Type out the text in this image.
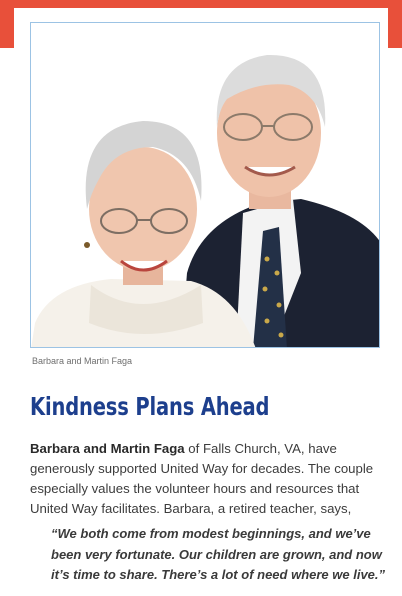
Barbara and Martin Faga
Kindness Plans Ahead

Barbara and Martin Faga of Falls Church, VA, have generously supported United Way for decades. The couple especially values the volunteer hours and resources that United Way facilitates. Barbara, a retired teacher, says,

“We both come from modest beginnings, and we’ve been very fortunate. Our children are grown, and now it’s time to share. There’s a lot of need where we live.”
